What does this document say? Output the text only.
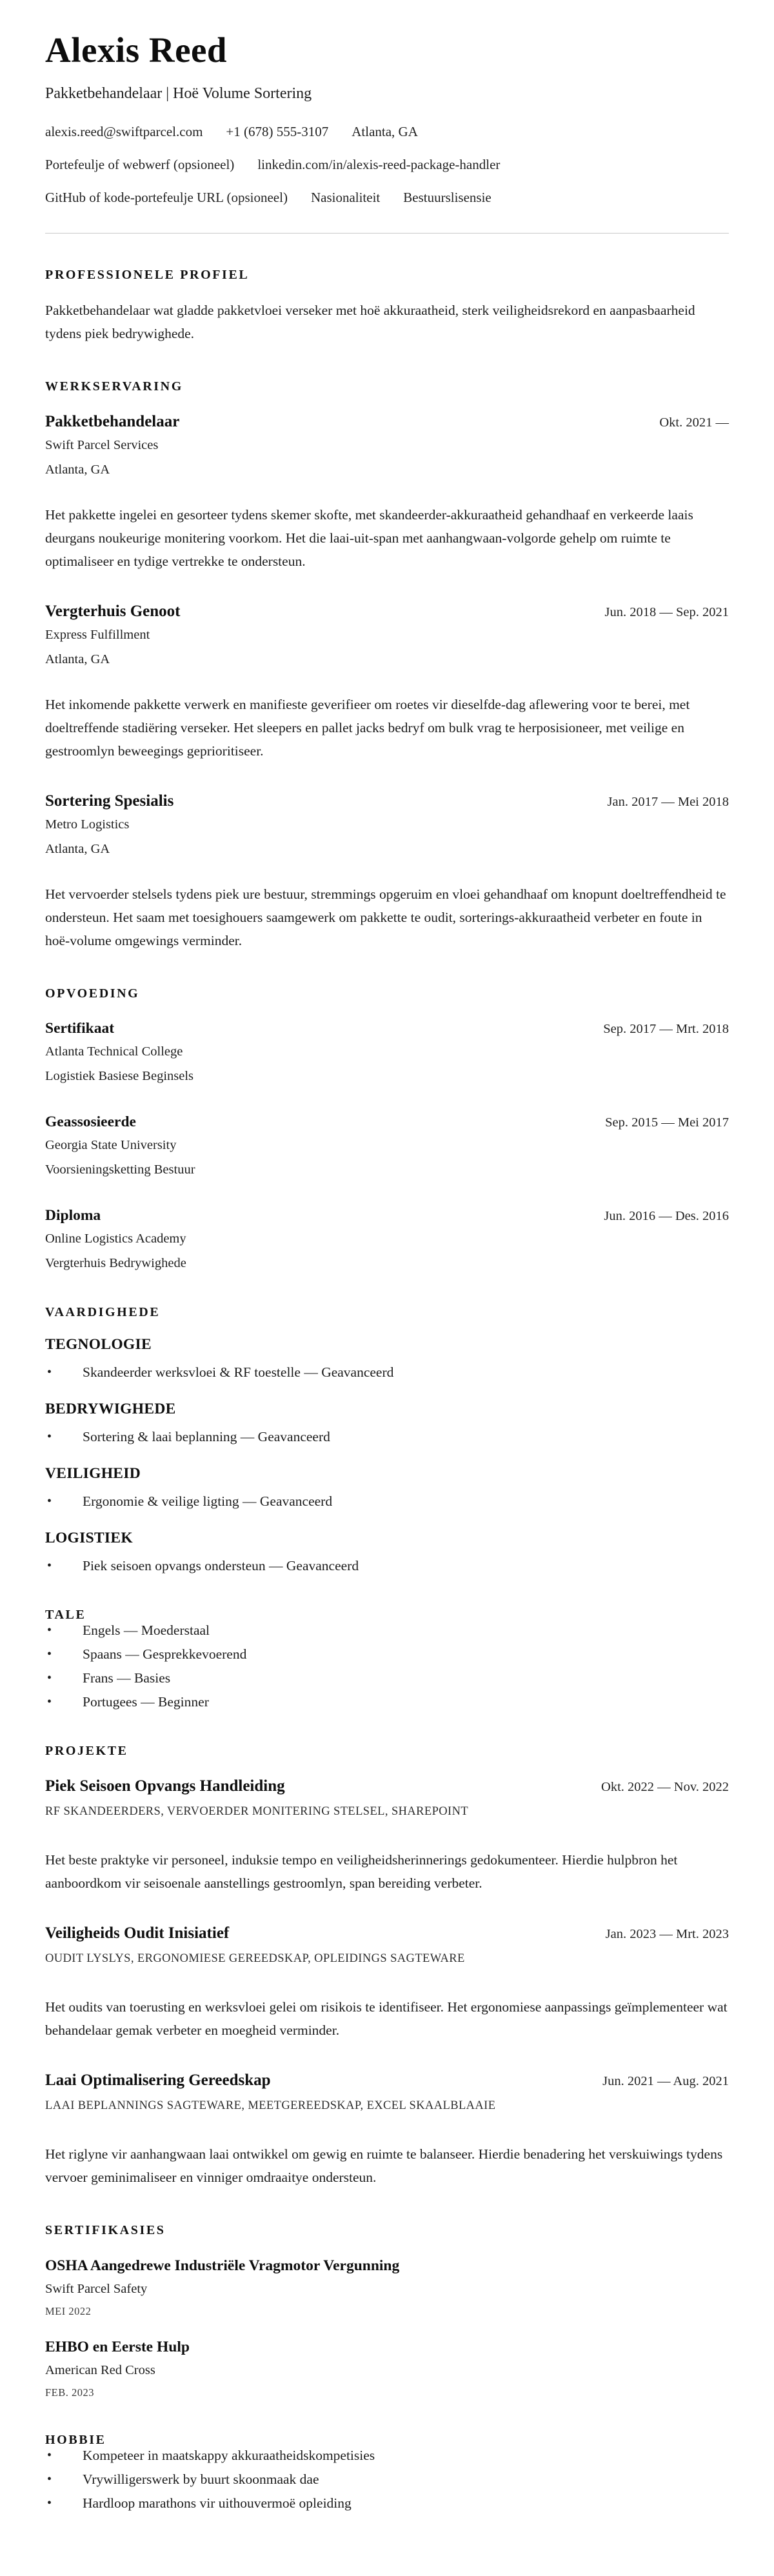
Alexis Reed
Pakketbehandelaar | Hoë Volume Sortering
alexis.reed@swiftparcel.com +1 (678) 555-3107 Atlanta, GA
Portefeulje of webwerf (opsioneel) linkedin.com/in/alexis-reed-package-handler
GitHub of kode-portefeulje URL (opsioneel) Nasionaliteit Bestuurslisensie
PROFESSIONELE PROFIEL

Pakketbehandelaar wat gladde pakketvloei verseker met hoë akkuraatheid, sterk veiligheidsrekord en aanpasbaarheid tydens piek bedrywighede.

WERKSERVARING
Pakketbehandelaar	Okt. 2021 —
Swift Parcel Services
Atlanta, GA

Het pakkette ingelei en gesorteer tydens skemer skofte, met skandeerder-akkuraatheid gehandhaaf en verkeerde laais deurgans noukeurige monitering voorkom. Het die laai-uit-span met aanhangwaan-volgorde gehelp om ruimte te optimaliseer en tydige vertrekke te ondersteun.

Vergterhuis Genoot	Jun. 2018 — Sep. 2021
Express Fulfillment
Atlanta, GA

Het inkomende pakkette verwerk en manifieste geverifieer om roetes vir dieselfde-dag aflewering voor te berei, met doeltreffende stadiëring verseker. Het sleepers en pallet jacks bedryf om bulk vrag te herposisioneer, met veilige en gestroomlyn beweegings geprioritiseer.

Sortering Spesialis	Jan. 2017 — Mei 2018
Metro Logistics
Atlanta, GA

Het vervoerder stelsels tydens piek ure bestuur, stremmings opgeruim en vloei gehandhaaf om knopunt doeltreffendheid te ondersteun. Het saam met toesighouers saamgewerk om pakkette te oudit, sorterings-akkuraatheid verbeter en foute in hoë-volume omgewings verminder.

OPVOEDING
Sertifikaat	Sep. 2017 — Mrt. 2018
Atlanta Technical College
Logistiek Basiese Beginsels
Geassosieerde	Sep. 2015 — Mei 2017
Georgia State University
Voorsieningsketting Bestuur
Diploma	Jun. 2016 — Des. 2016
Online Logistics Academy
Vergterhuis Bedrywighede
VAARDIGHEDE
TEGNOLOGIE
• Skandeerder werksvloei & RF toestelle — Geavanceerd
BEDRYWIGHEDE
• Sortering & laai beplanning — Geavanceerd
VEILIGHEID
• Ergonomie & veilige ligting — Geavanceerd
LOGISTIEK
• Piek seisoen opvangs ondersteun — Geavanceerd
TALE
• Engels — Moederstaal
• Spaans — Gesprekkevoerend
• Frans — Basies
• Portugees — Beginner
PROJEKTE
Piek Seisoen Opvangs Handleiding	Okt. 2022 — Nov. 2022
RF SKANDEERDERS, VERVOERDER MONITERING STELSEL, SHAREPOINT

Het beste praktyke vir personeel, induksie tempo en veiligheidsherinnerings gedokumenteer. Hierdie hulpbron het aanboordkom vir seisoenale aanstellings gestroomlyn, span bereiding verbeter.

Veiligheids Oudit Inisiatief	Jan. 2023 — Mrt. 2023
OUDIT LYSLYS, ERGONOMIESE GEREEDSKAP, OPLEIDINGS SAGTEWARE

Het oudits van toerusting en werksvloei gelei om risikois te identifiseer. Het ergonomiese aanpassings geïmplementeer wat behandelaar gemak verbeter en moegheid verminder.

Laai Optimalisering Gereedskap	Jun. 2021 — Aug. 2021
LAAI BEPLANNINGS SAGTEWARE, MEETGEREEDSKAP, EXCEL SKAALBLAAIE

Het riglyne vir aanhangwaan laai ontwikkel om gewig en ruimte te balanseer. Hierdie benadering het verskuiwings tydens vervoer geminimaliseer en vinniger omdraaitye ondersteun.

SERTIFIKASIES
OSHA Aangedrewe Industriële Vragmotor Vergunning
Swift Parcel Safety
MEI 2022
EHBO en Eerste Hulp
American Red Cross
FEB. 2023
HOBBIE
• Kompeteer in maatskappy akkuraatheidskompetisies
• Vrywilligerswerk by buurt skoonmaak dae
• Hardloop marathons vir uithouvermoë opleiding
